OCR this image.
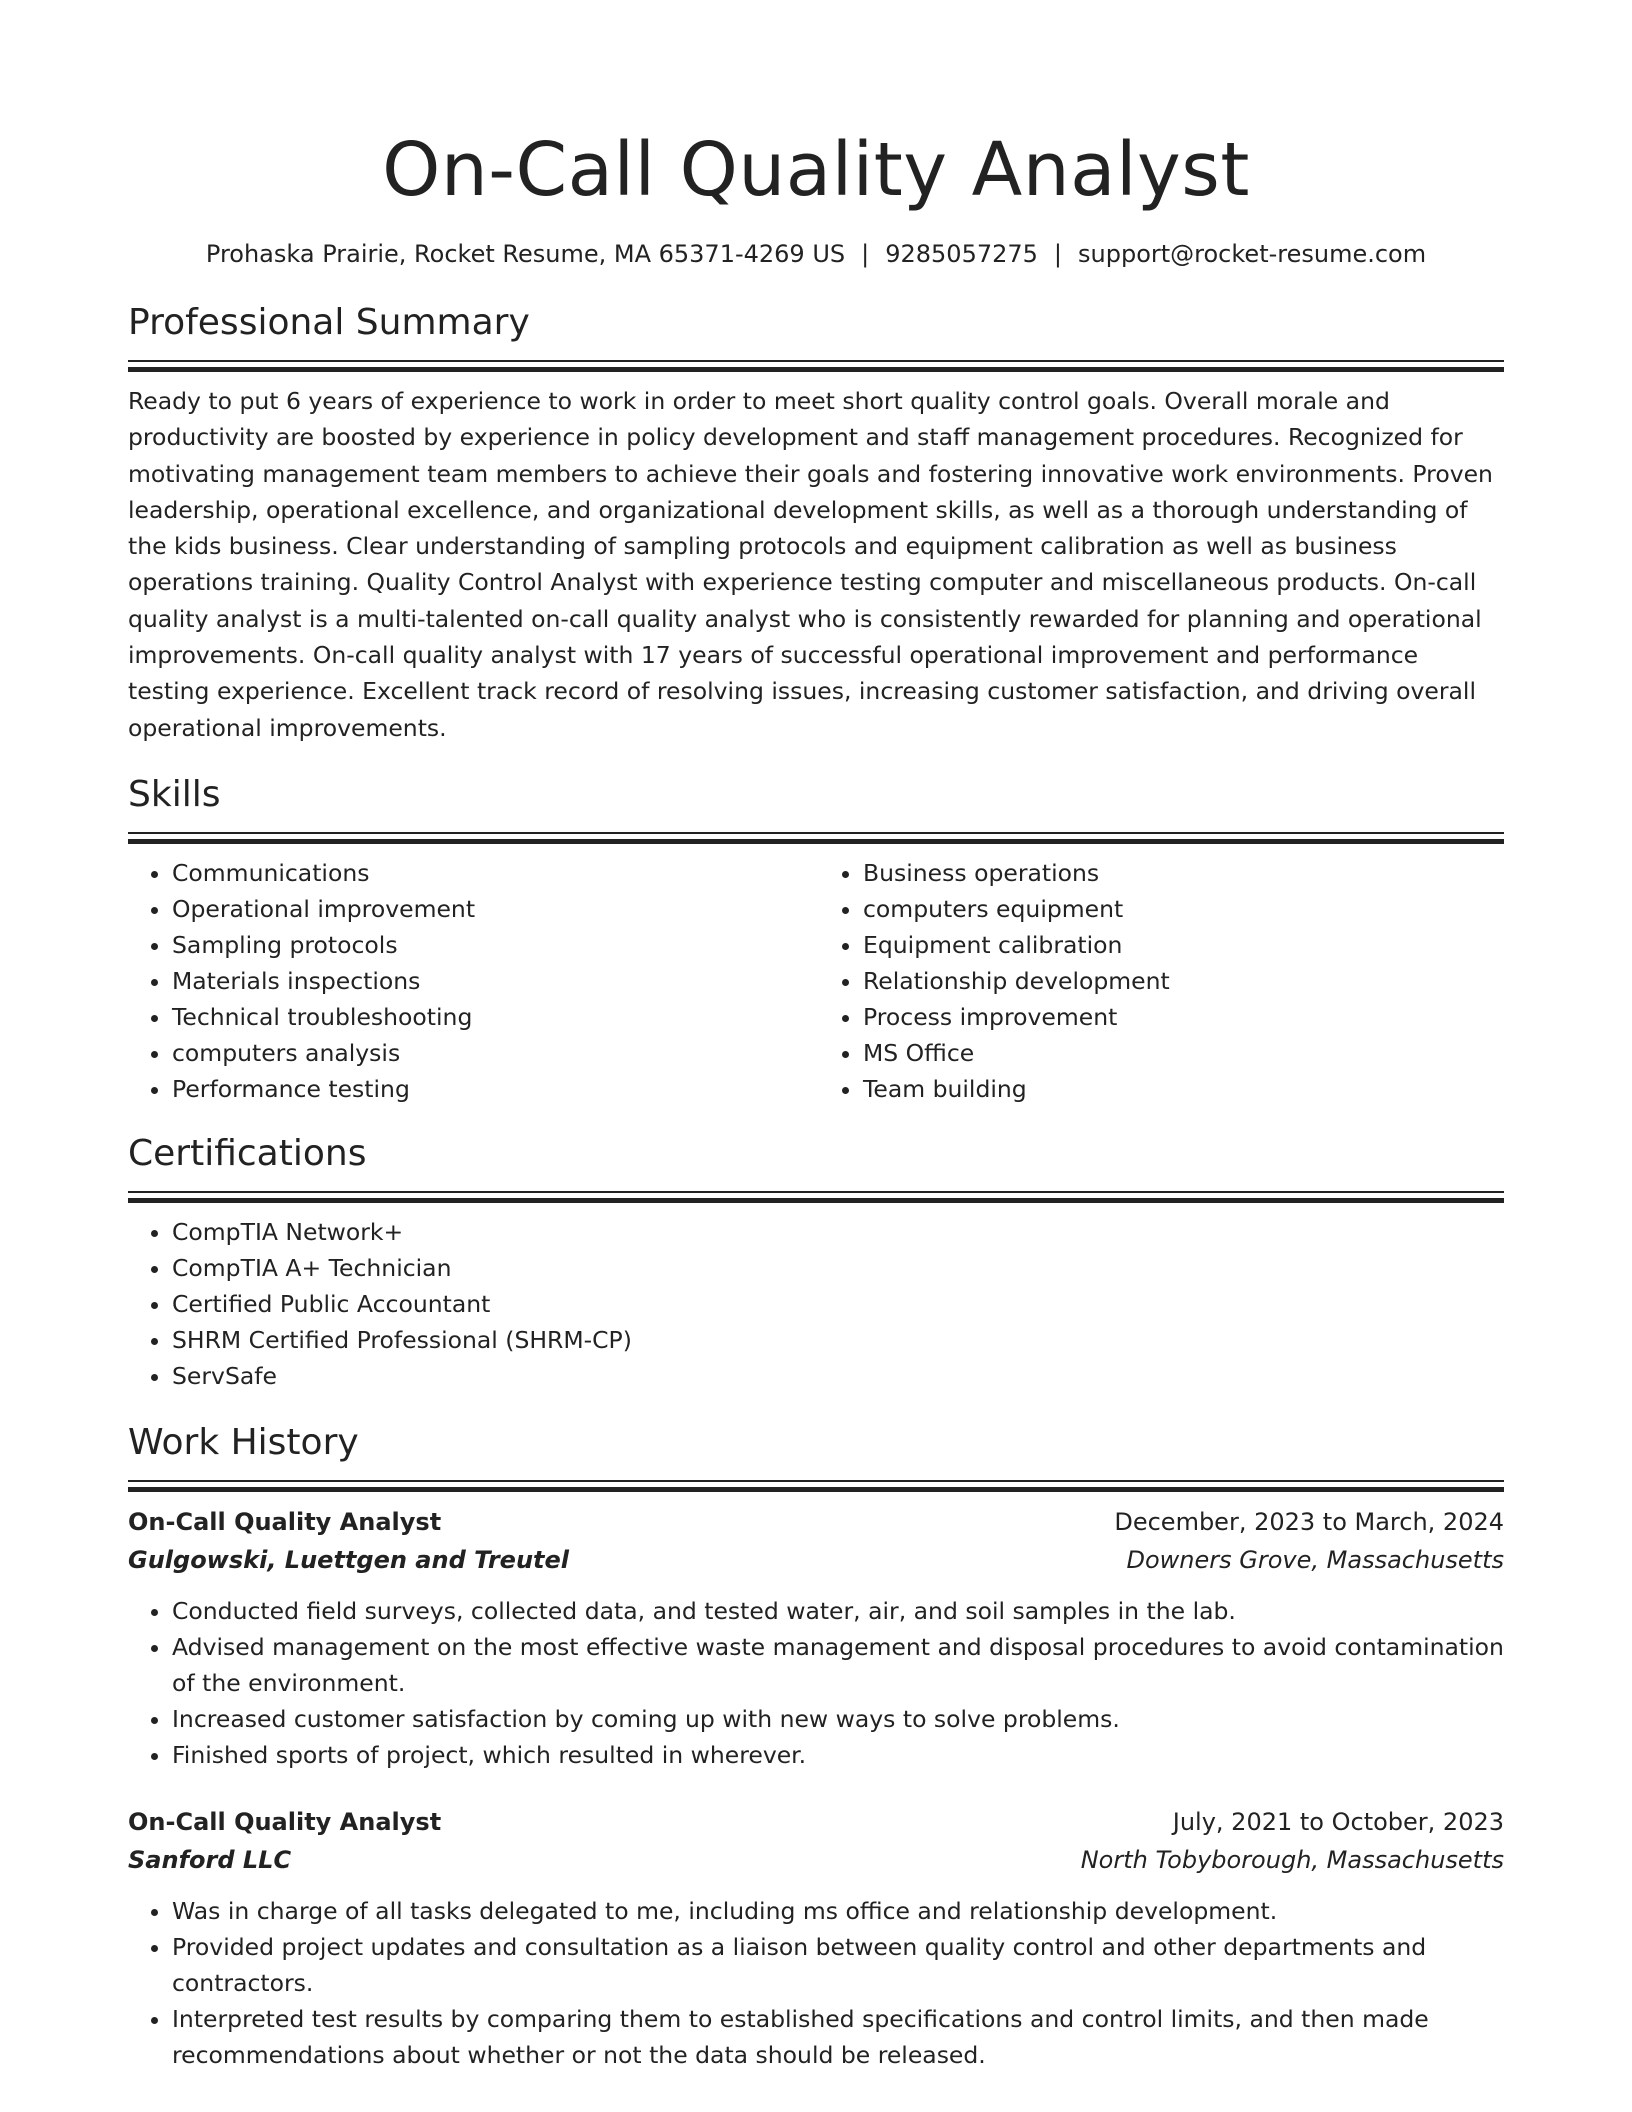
On-Call Quality Analyst
Prohaska Prairie, Rocket Resume, MA 65371-4269 US | 9285057275 | support@rocket-resume.com
Professional Summary
Ready to put 6 years of experience to work in order to meet short quality control goals. Overall morale and productivity are boosted by experience in policy development and staff management procedures. Recognized for motivating management team members to achieve their goals and fostering innovative work environments. Proven leadership, operational excellence, and organizational development skills, as well as a thorough understanding of the kids business. Clear understanding of sampling protocols and equipment calibration as well as business operations training. Quality Control Analyst with experience testing computer and miscellaneous products. On-call quality analyst is a multi-talented on-call quality analyst who is consistently rewarded for planning and operational improvements. On-call quality analyst with 17 years of successful operational improvement and performance testing experience. Excellent track record of resolving issues, increasing customer satisfaction, and driving overall operational improvements.
Skills
• Communications
• Operational improvement
• Sampling protocols
• Materials inspections
• Technical troubleshooting
• computers analysis
• Performance testing
• Business operations
• computers equipment
• Equipment calibration
• Relationship development
• Process improvement
• MS Office
• Team building
Certifications
• CompTIA Network+
• CompTIA A+ Technician
• Certified Public Accountant
• SHRM Certified Professional (SHRM-CP)
• ServSafe
Work History
On-Call Quality Analyst	December, 2023 to March, 2024
Gulgowski, Luettgen and Treutel	Downers Grove, Massachusetts
• Conducted field surveys, collected data, and tested water, air, and soil samples in the lab.
• Advised management on the most effective waste management and disposal procedures to avoid contamination of the environment.
• Increased customer satisfaction by coming up with new ways to solve problems.
• Finished sports of project, which resulted in wherever.
On-Call Quality Analyst	July, 2021 to October, 2023
Sanford LLC	North Tobyborough, Massachusetts
• Was in charge of all tasks delegated to me, including ms office and relationship development.
• Provided project updates and consultation as a liaison between quality control and other departments and contractors.
• Interpreted test results by comparing them to established specifications and control limits, and then made recommendations about whether or not the data should be released.
